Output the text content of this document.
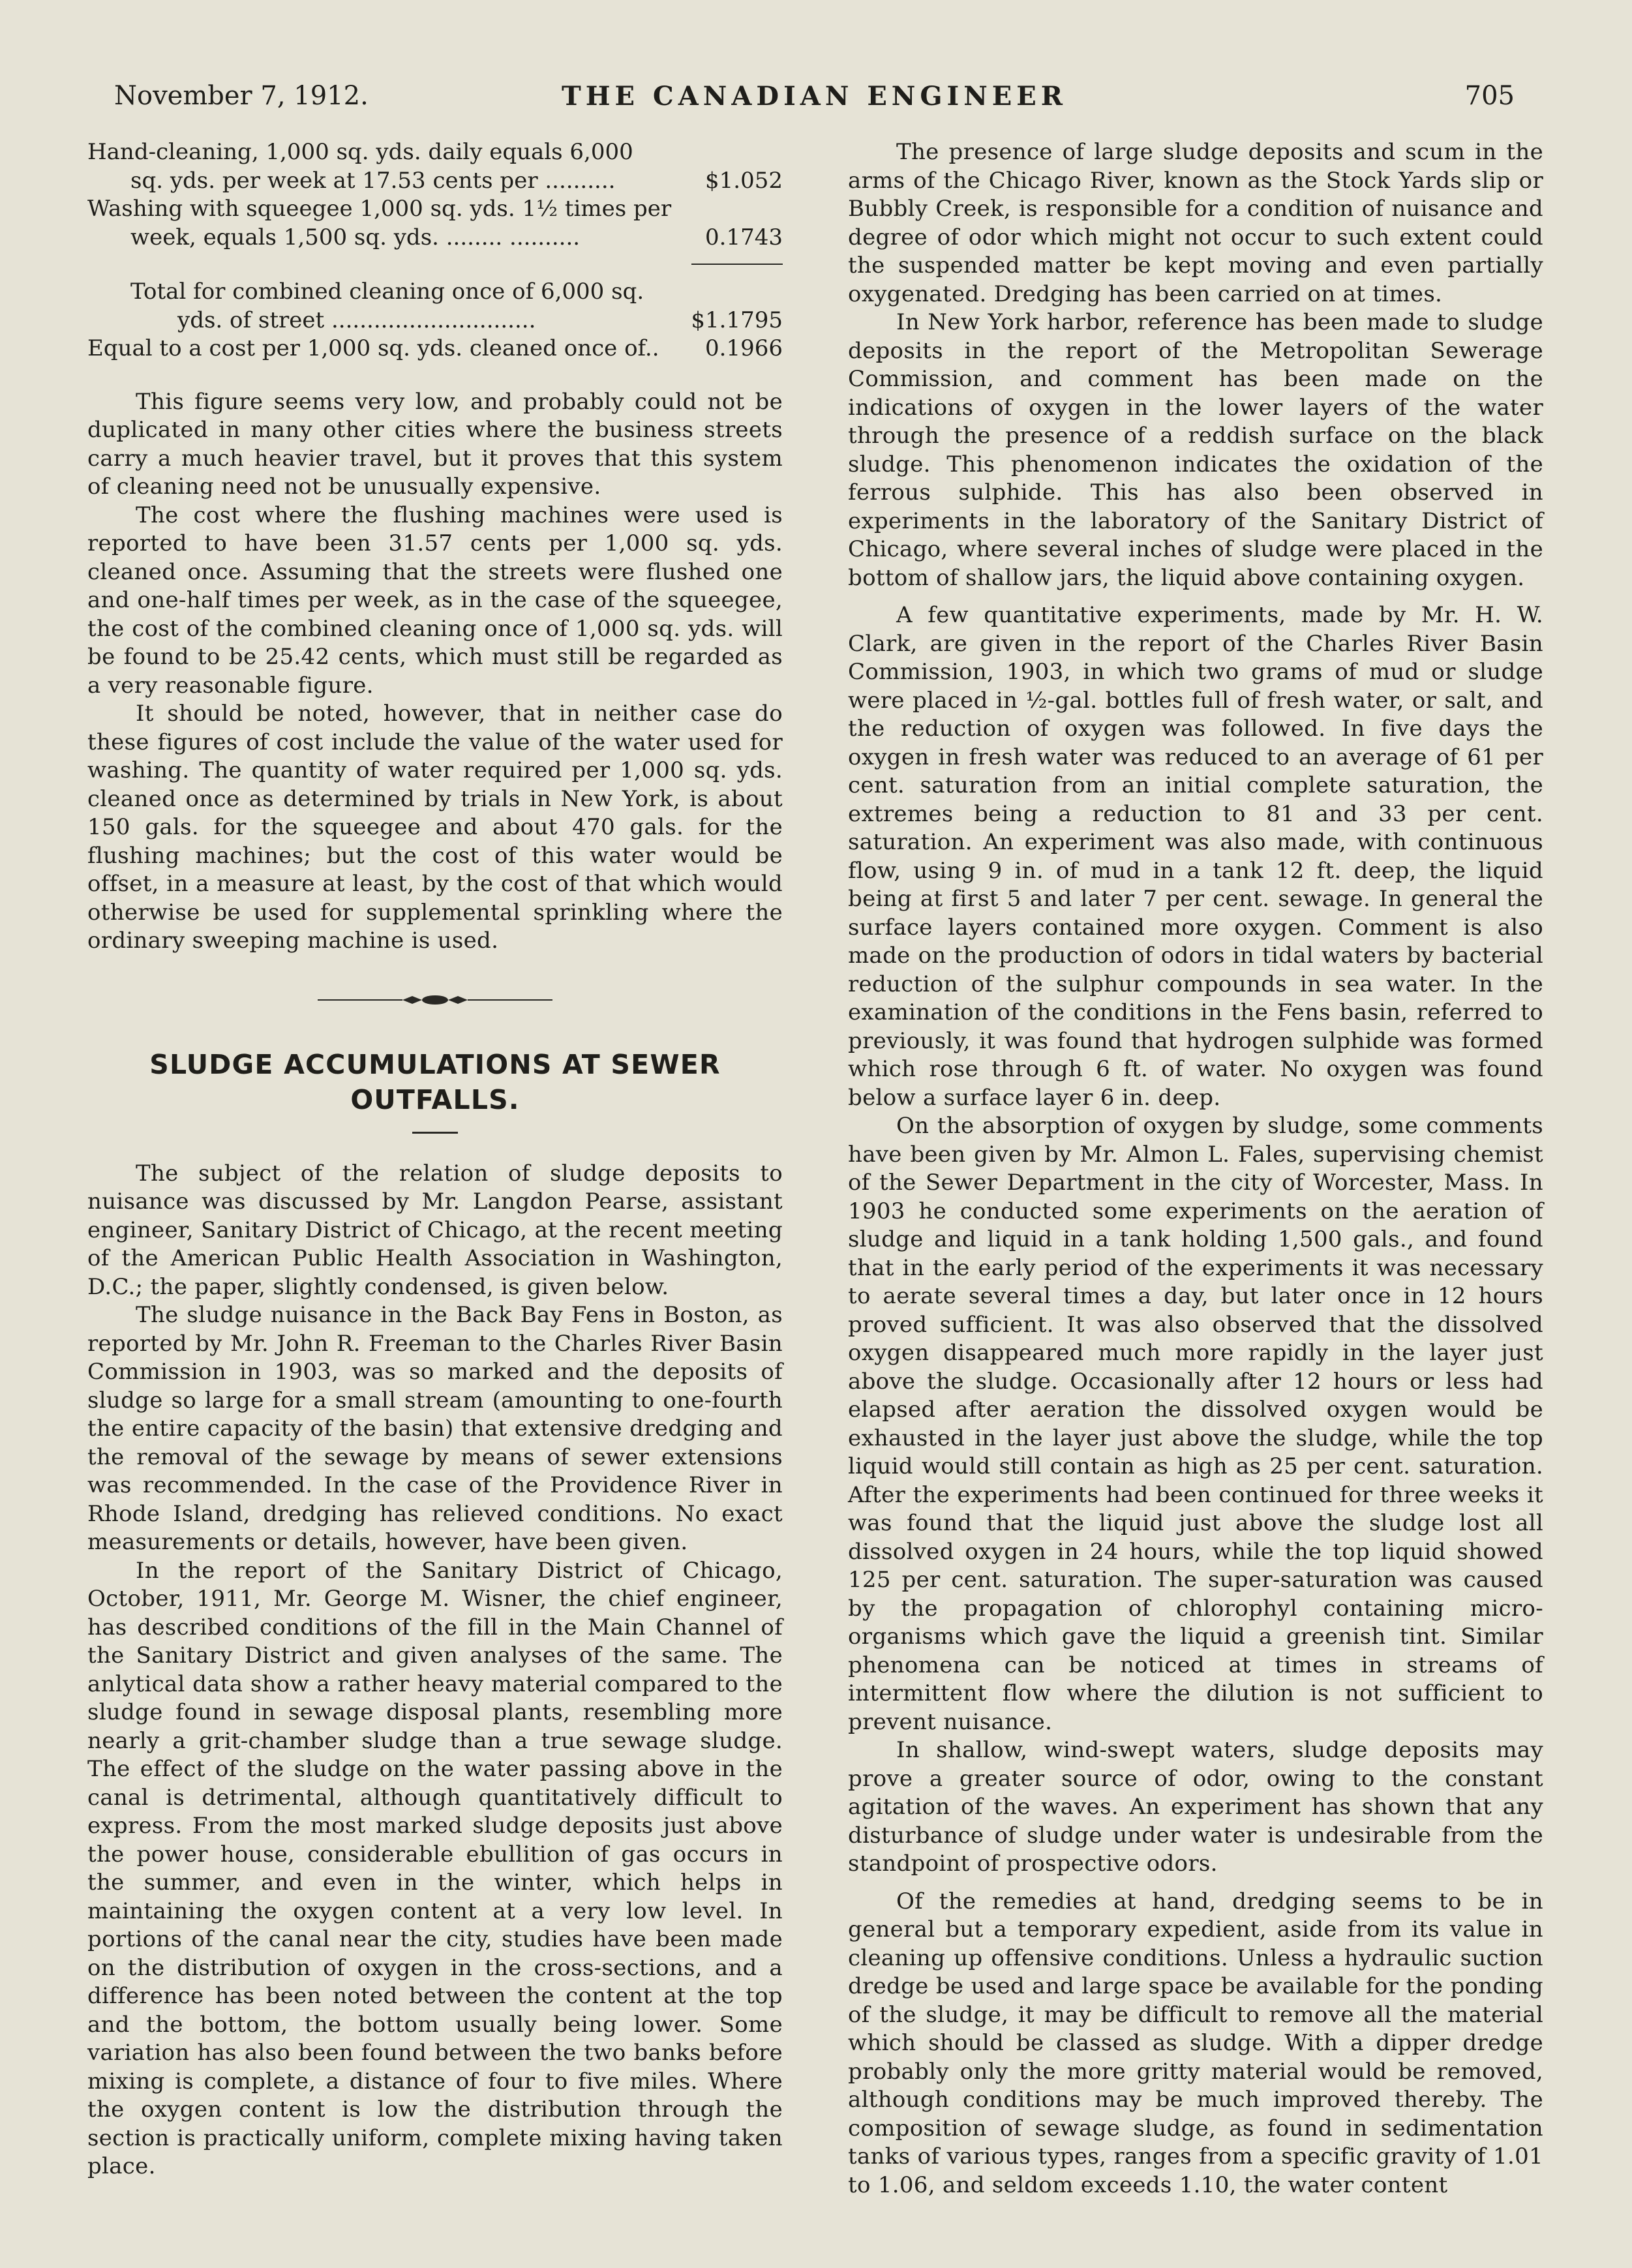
November 7, 1912.	THE CANADIAN ENGINEER	705
Hand-cleaning, 1,000 sq. yds. daily equals 6,000
sq. yds. per week at 17.53 cents per ..........	$1.052
Washing with squeegee 1,000 sq. yds. 1½ times per
week, equals 1,500 sq. yds. ........ ..........	0.1743
Total for combined cleaning once of 6,000 sq.
yds. of street .............................	$1.1795
Equal to a cost per 1,000 sq. yds. cleaned once of.. 0.1966

This figure seems very low, and probably could not be duplicated in many other cities where the business streets carry a much heavier travel, but it proves that this system of cleaning need not be unusually expensive.

The cost where the flushing machines were used is reported to have been 31.57 cents per 1,000 sq. yds. cleaned once. Assuming that the streets were flushed one and one-half times per week, as in the case of the squeegee, the cost of the combined cleaning once of 1,000 sq. yds. will be found to be 25.42 cents, which must still be regarded as a very reasonable figure.

It should be noted, however, that in neither case do these figures of cost include the value of the water used for washing. The quantity of water required per 1,000 sq. yds. cleaned once as determined by trials in New York, is about 150 gals. for the squeegee and about 470 gals. for the flushing machines; but the cost of this water would be offset, in a measure at least, by the cost of that which would otherwise be used for supplemental sprinkling where the ordinary sweeping machine is used.

SLUDGE ACCUMULATIONS AT SEWER

OUTFALLS.

The subject of the relation of sludge deposits to nuisance was discussed by Mr. Langdon Pearse, assistant engineer, Sanitary District of Chicago, at the recent meeting of the American Public Health Association in Washington, D.C.; the paper, slightly condensed, is given below.

The sludge nuisance in the Back Bay Fens in Boston, as reported by Mr. John R. Freeman to the Charles River Basin Commission in 1903, was so marked and the deposits of sludge so large for a small stream (amounting to one-fourth the entire capacity of the basin) that extensive dredging and the removal of the sewage by means of sewer extensions was recommended. In the case of the Providence River in Rhode Island, dredging has relieved conditions. No exact measurements or details, however, have been given.

In the report of the Sanitary District of Chicago, October, 1911, Mr. George M. Wisner, the chief engineer, has described conditions of the fill in the Main Channel of the Sanitary District and given analyses of the same. The anlytical data show a rather heavy material compared to the sludge found in sewage disposal plants, resembling more nearly a grit-chamber sludge than a true sewage sludge. The effect of the sludge on the water passing above in the canal is detrimental, although quantitatively difficult to express. From the most marked sludge deposits just above the power house, considerable ebullition of gas occurs in the summer, and even in the winter, which helps in maintaining the oxygen content at a very low level. In portions of the canal near the city, studies have been made on the distribution of oxygen in the cross-sections, and a difference has been noted between the content at the top and the bottom, the bottom usually being lower. Some variation has also been found between the two banks before mixing is complete, a distance of four to five miles. Where the oxygen content is low the distribution through the section is practically uniform, complete mixing having taken place.

The presence of large sludge deposits and scum in the arms of the Chicago River, known as the Stock Yards slip or Bubbly Creek, is responsible for a condition of nuisance and degree of odor which might not occur to such extent could the suspended matter be kept moving and even partially oxygenated. Dredging has been carried on at times.

In New York harbor, reference has been made to sludge deposits in the report of the Metropolitan Sewerage Commission, and comment has been made on the indications of oxygen in the lower layers of the water through the presence of a reddish surface on the black sludge. This phenomenon indicates the oxidation of the ferrous sulphide. This has also been observed in experiments in the laboratory of the Sanitary District of Chicago, where several inches of sludge were placed in the bottom of shallow jars, the liquid above containing oxygen.

A few quantitative experiments, made by Mr. H. W. Clark, are given in the report of the Charles River Basin Commission, 1903, in which two grams of mud or sludge were placed in ½-gal. bottles full of fresh water, or salt, and the reduction of oxygen was followed. In five days the oxygen in fresh water was reduced to an average of 61 per cent. saturation from an initial complete saturation, the extremes being a reduction to 81 and 33 per cent. saturation. An experiment was also made, with continuous flow, using 9 in. of mud in a tank 12 ft. deep, the liquid being at first 5 and later 7 per cent. sewage. In general the surface layers contained more oxygen. Comment is also made on the production of odors in tidal waters by bacterial reduction of the sulphur compounds in sea water. In the examination of the conditions in the Fens basin, referred to previously, it was found that hydrogen sulphide was formed which rose through 6 ft. of water. No oxygen was found below a surface layer 6 in. deep.

On the absorption of oxygen by sludge, some comments have been given by Mr. Almon L. Fales, supervising chemist of the Sewer Department in the city of Worcester, Mass. In 1903 he conducted some experiments on the aeration of sludge and liquid in a tank holding 1,500 gals., and found that in the early period of the experiments it was necessary to aerate several times a day, but later once in 12 hours proved sufficient. It was also observed that the dissolved oxygen disappeared much more rapidly in the layer just above the sludge. Occasionally after 12 hours or less had elapsed after aeration the dissolved oxygen would be exhausted in the layer just above the sludge, while the top liquid would still contain as high as 25 per cent. saturation. After the experiments had been continued for three weeks it was found that the liquid just above the sludge lost all dissolved oxygen in 24 hours, while the top liquid showed 125 per cent. saturation. The super-saturation was caused by the propagation of chlorophyl containing micro-organisms which gave the liquid a greenish tint. Similar phenomena can be noticed at times in streams of intermittent flow where the dilution is not sufficient to prevent nuisance.

In shallow, wind-swept waters, sludge deposits may prove a greater source of odor, owing to the constant agitation of the waves. An experiment has shown that any disturbance of sludge under water is undesirable from the standpoint of prospective odors.

Of the remedies at hand, dredging seems to be in general but a temporary expedient, aside from its value in cleaning up offensive conditions. Unless a hydraulic suction dredge be used and large space be available for the ponding of the sludge, it may be difficult to remove all the material which should be classed as sludge. With a dipper dredge probably only the more gritty material would be removed, although conditions may be much improved thereby. The composition of sewage sludge, as found in sedimentation tanks of various types, ranges from a specific gravity of 1.01 to 1.06, and seldom exceeds 1.10, the water content
